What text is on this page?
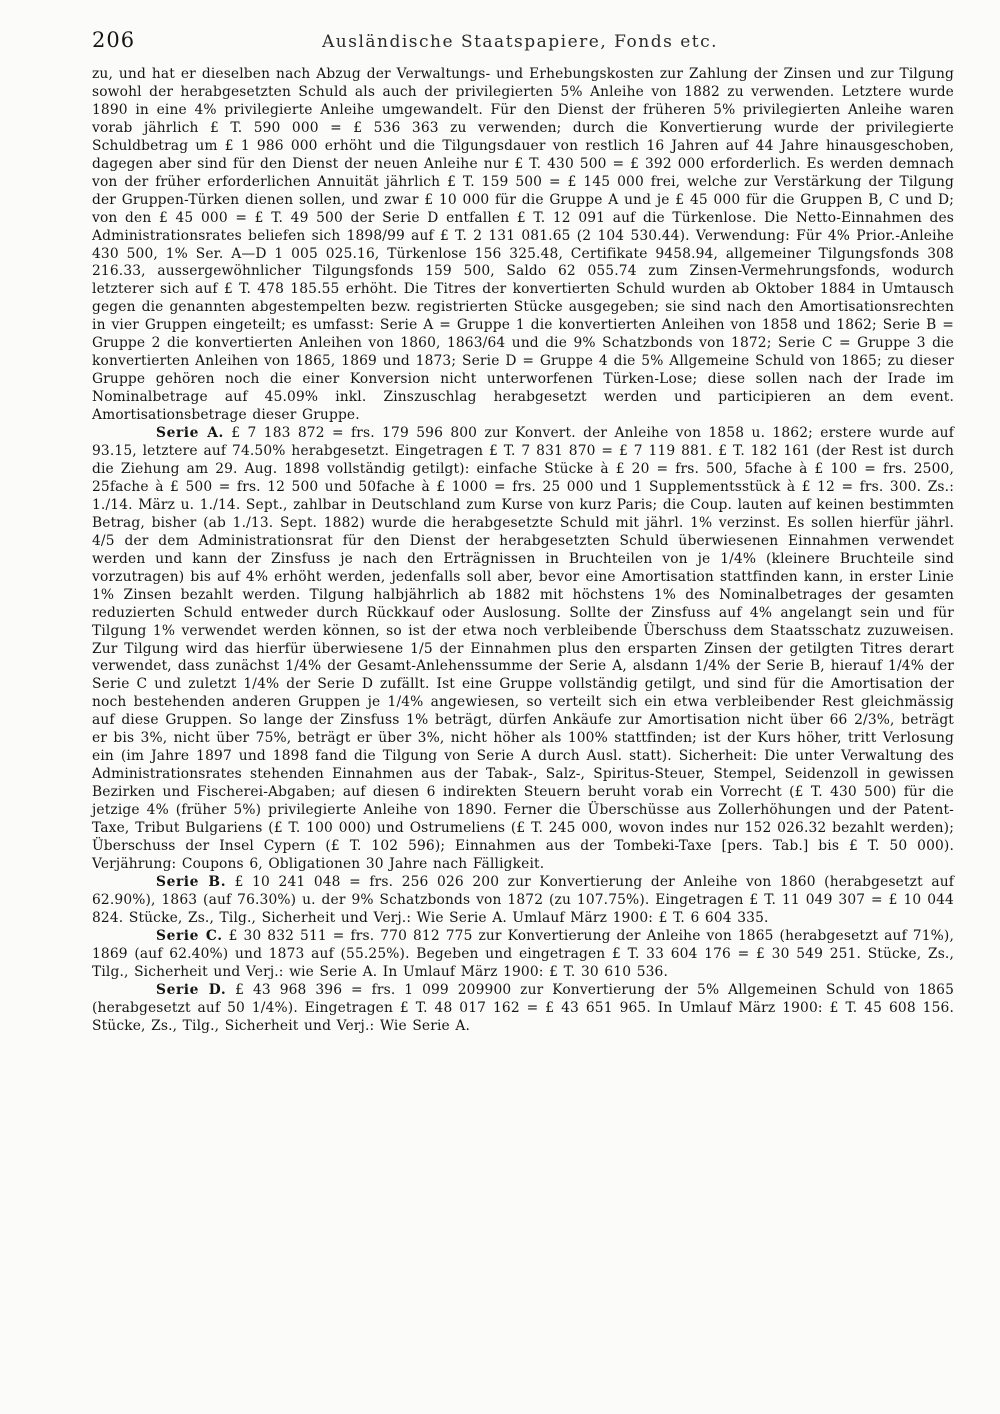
206	Ausländische Staatspapiere, Fonds etc.

zu, und hat er dieselben nach Abzug der Verwaltungs- und Erhebungskosten zur Zahlung der Zinsen und zur Tilgung sowohl der herabgesetzten Schuld als auch der privilegierten 5% Anleihe von 1882 zu verwenden. Letztere wurde 1890 in eine 4% privilegierte Anleihe umgewandelt. Für den Dienst der früheren 5% privilegierten Anleihe waren vorab jährlich £ T. 590 000 = £ 536 363 zu verwenden; durch die Konvertierung wurde der privilegierte Schuldbetrag um £ 1 986 000 erhöht und die Tilgungsdauer von restlich 16 Jahren auf 44 Jahre hinausgeschoben, dagegen aber sind für den Dienst der neuen Anleihe nur £ T. 430 500 = £ 392 000 erforderlich. Es werden demnach von der früher erforderlichen Annuität jährlich £ T. 159 500 = £ 145 000 frei, welche zur Verstärkung der Tilgung der Gruppen-Türken dienen sollen, und zwar £ 10 000 für die Gruppe A und je £ 45 000 für die Gruppen B, C und D; von den £ 45 000 = £ T. 49 500 der Serie D entfallen £ T. 12 091 auf die Türkenlose. Die Netto-Einnahmen des Administrationsrates beliefen sich 1898/99 auf £ T. 2 131 081.65 (2 104 530.44). Verwendung: Für 4% Prior.-Anleihe 430 500, 1% Ser. A—D 1 005 025.16, Türkenlose 156 325.48, Certifikate 9458.94, allgemeiner Tilgungsfonds 308 216.33, aussergewöhnlicher Tilgungsfonds 159 500, Saldo 62 055.74 zum Zinsen-Vermehrungsfonds, wodurch letzterer sich auf £ T. 478 185.55 erhöht. Die Titres der konvertierten Schuld wurden ab Oktober 1884 in Umtausch gegen die genannten abgestempelten bezw. registrierten Stücke ausgegeben; sie sind nach den Amortisationsrechten in vier Gruppen eingeteilt; es umfasst: Serie A = Gruppe 1 die konvertierten Anleihen von 1858 und 1862; Serie B = Gruppe 2 die konvertierten Anleihen von 1860, 1863/64 und die 9% Schatzbonds von 1872; Serie C = Gruppe 3 die konvertierten Anleihen von 1865, 1869 und 1873; Serie D = Gruppe 4 die 5% Allgemeine Schuld von 1865; zu dieser Gruppe gehören noch die einer Konversion nicht unterworfenen Türken-Lose; diese sollen nach der Irade im Nominalbetrage auf 45.09% inkl. Zinszuschlag herabgesetzt werden und participieren an dem event. Amortisationsbetrage dieser Gruppe.

Serie A. £ 7 183 872 = frs. 179 596 800 zur Konvert. der Anleihe von 1858 u. 1862; erstere wurde auf 93.15, letztere auf 74.50% herabgesetzt. Eingetragen £ T. 7 831 870 = £ 7 119 881. £ T. 182 161 (der Rest ist durch die Ziehung am 29. Aug. 1898 vollständig getilgt): einfache Stücke à £ 20 = frs. 500, 5fache à £ 100 = frs. 2500, 25fache à £ 500 = frs. 12 500 und 50fache à £ 1000 = frs. 25 000 und 1 Supplementsstück à £ 12 = frs. 300. Zs.: 1./14. März u. 1./14. Sept., zahlbar in Deutschland zum Kurse von kurz Paris; die Coup. lauten auf keinen bestimmten Betrag, bisher (ab 1./13. Sept. 1882) wurde die herabgesetzte Schuld mit jährl. 1% verzinst. Es sollen hierfür jährl. 4/5 der dem Administrationsrat für den Dienst der herabgesetzten Schuld überwiesenen Einnahmen verwendet werden und kann der Zinsfuss je nach den Erträgnissen in Bruchteilen von je 1/4% (kleinere Bruchteile sind vorzutragen) bis auf 4% erhöht werden, jedenfalls soll aber, bevor eine Amortisation stattfinden kann, in erster Linie 1% Zinsen bezahlt werden. Tilgung halbjährlich ab 1882 mit höchstens 1% des Nominalbetrages der gesamten reduzierten Schuld entweder durch Rückkauf oder Auslosung. Sollte der Zinsfuss auf 4% angelangt sein und für Tilgung 1% verwendet werden können, so ist der etwa noch verbleibende Überschuss dem Staatsschatz zuzuweisen. Zur Tilgung wird das hierfür überwiesene 1/5 der Einnahmen plus den ersparten Zinsen der getilgten Titres derart verwendet, dass zunächst 1/4% der Gesamt-Anlehenssumme der Serie A, alsdann 1/4% der Serie B, hierauf 1/4% der Serie C und zuletzt 1/4% der Serie D zufällt. Ist eine Gruppe vollständig getilgt, und sind für die Amortisation der noch bestehenden anderen Gruppen je 1/4% angewiesen, so verteilt sich ein etwa verbleibender Rest gleichmässig auf diese Gruppen. So lange der Zinsfuss 1% beträgt, dürfen Ankäufe zur Amortisation nicht über 66 2/3%, beträgt er bis 3%, nicht über 75%, beträgt er über 3%, nicht höher als 100% stattfinden; ist der Kurs höher, tritt Verlosung ein (im Jahre 1897 und 1898 fand die Tilgung von Serie A durch Ausl. statt). Sicherheit: Die unter Verwaltung des Administrationsrates stehenden Einnahmen aus der Tabak-, Salz-, Spiritus-Steuer, Stempel, Seidenzoll in gewissen Bezirken und Fischerei-Abgaben; auf diesen 6 indirekten Steuern beruht vorab ein Vorrecht (£ T. 430 500) für die jetzige 4% (früher 5%) privilegierte Anleihe von 1890. Ferner die Überschüsse aus Zollerhöhungen und der Patent-Taxe, Tribut Bulgariens (£ T. 100 000) und Ostrumeliens (£ T. 245 000, wovon indes nur 152 026.32 bezahlt werden); Überschuss der Insel Cypern (£ T. 102 596); Einnahmen aus der Tombeki-Taxe [pers. Tab.] bis £ T. 50 000). Verjährung: Coupons 6, Obligationen 30 Jahre nach Fälligkeit.

Serie B. £ 10 241 048 = frs. 256 026 200 zur Konvertierung der Anleihe von 1860 (herabgesetzt auf 62.90%), 1863 (auf 76.30%) u. der 9% Schatzbonds von 1872 (zu 107.75%). Eingetragen £ T. 11 049 307 = £ 10 044 824. Stücke, Zs., Tilg., Sicherheit und Verj.: Wie Serie A. Umlauf März 1900: £ T. 6 604 335.

Serie C. £ 30 832 511 = frs. 770 812 775 zur Konvertierung der Anleihe von 1865 (herabgesetzt auf 71%), 1869 (auf 62.40%) und 1873 auf (55.25%). Begeben und eingetragen £ T. 33 604 176 = £ 30 549 251. Stücke, Zs., Tilg., Sicherheit und Verj.: wie Serie A. In Umlauf März 1900: £ T. 30 610 536.

Serie D. £ 43 968 396 = frs. 1 099 209900 zur Konvertierung der 5% Allgemeinen Schuld von 1865 (herabgesetzt auf 50 1/4%). Eingetragen £ T. 48 017 162 = £ 43 651 965. In Umlauf März 1900: £ T. 45 608 156. Stücke, Zs., Tilg., Sicherheit und Verj.: Wie Serie A.
